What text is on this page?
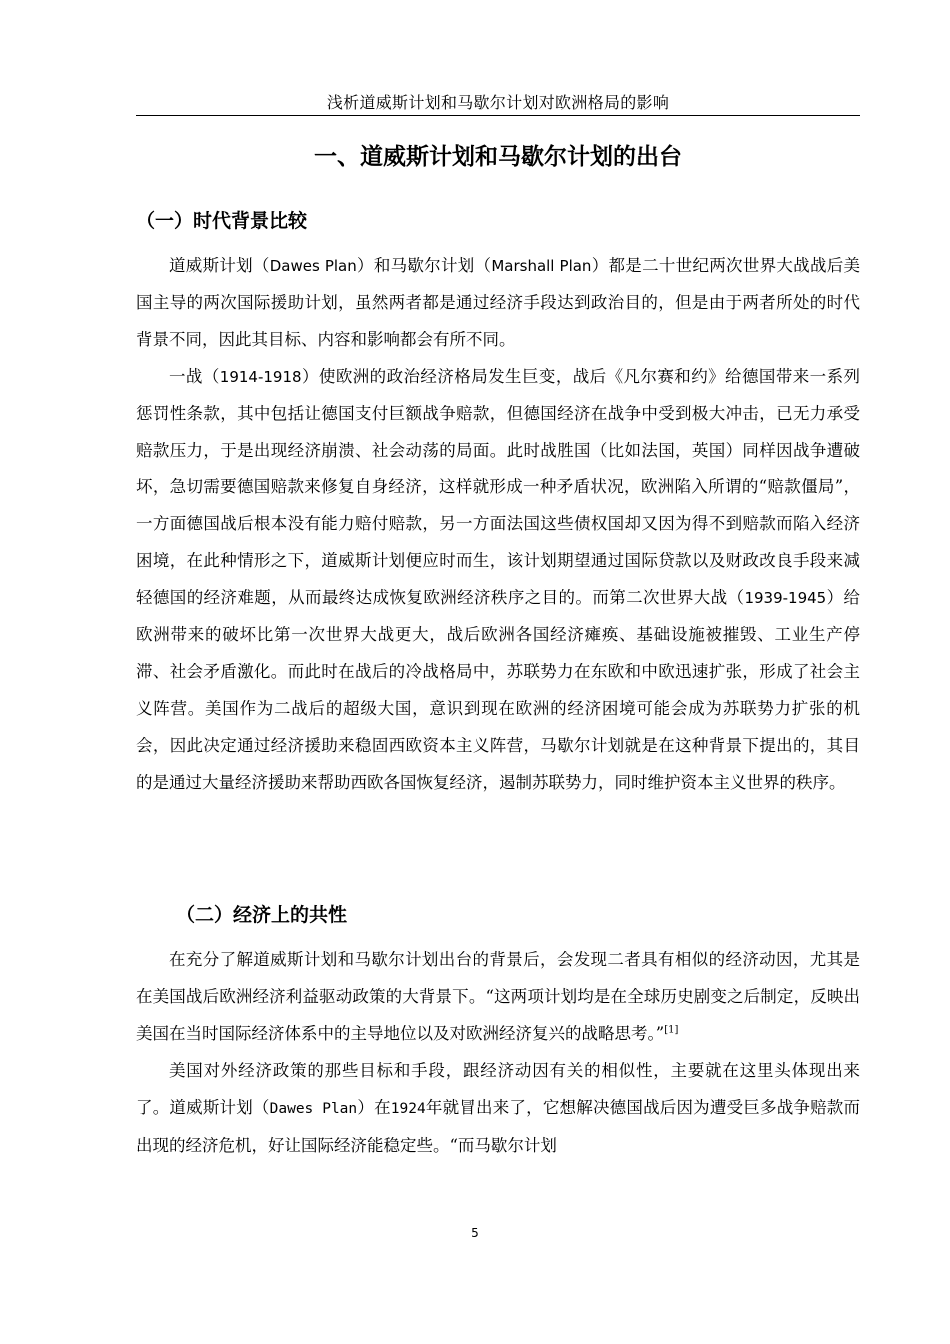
浅析道威斯计划和马歇尔计划对欧洲格局的影响
一、道威斯计划和马歇尔计划的出台
（一）时代背景比较

道威斯计划（Dawes Plan）和马歇尔计划（Marshall Plan）都是二十世纪两次世界大战战后美国主导的两次国际援助计划，虽然两者都是通过经济手段达到政治目的，但是由于两者所处的时代背景不同，因此其目标、内容和影响都会有所不同。

一战（1914-1918）使欧洲的政治经济格局发生巨变，战后《凡尔赛和约》给德国带来一系列惩罚性条款，其中包括让德国支付巨额战争赔款，但德国经济在战争中受到极大冲击，已无力承受赔款压力，于是出现经济崩溃、社会动荡的局面。此时战胜国（比如法国，英国）同样因战争遭破坏，急切需要德国赔款来修复自身经济，这样就形成一种矛盾状况，欧洲陷入所谓的“赔款僵局”，一方面德国战后根本没有能力赔付赔款，另一方面法国这些债权国却又因为得不到赔款而陷入经济困境，在此种情形之下，道威斯计划便应时而生，该计划期望通过国际贷款以及财政改良手段来减轻德国的经济难题，从而最终达成恢复欧洲经济秩序之目的。而第二次世界大战（1939-1945）给欧洲带来的破坏比第一次世界大战更大，战后欧洲各国经济瘫痪、基础设施被摧毁、工业生产停滞、社会矛盾激化。而此时在战后的冷战格局中，苏联势力在东欧和中欧迅速扩张，形成了社会主义阵营。美国作为二战后的超级大国，意识到现在欧洲的经济困境可能会成为苏联势力扩张的机会，因此决定通过经济援助来稳固西欧资本主义阵营，马歇尔计划就是在这种背景下提出的，其目的是通过大量经济援助来帮助西欧各国恢复经济，遏制苏联势力，同时维护资本主义世界的秩序。

（二）经济上的共性

在充分了解道威斯计划和马歇尔计划出台的背景后，会发现二者具有相似的经济动因，尤其是在美国战后欧洲经济利益驱动政策的大背景下。“这两项计划均是在全球历史剧变之后制定，反映出美国在当时国际经济体系中的主导地位以及对欧洲经济复兴的战略思考。”[1]

美国对外经济政策的那些目标和手段，跟经济动因有关的相似性，主要就在这里头体现出来了。道威斯计划（Dawes Plan）在1924年就冒出来了，它想解决德国战后因为遭受巨多战争赔款而出现的经济危机，好让国际经济能稳定些。“而马歇尔计划

5
